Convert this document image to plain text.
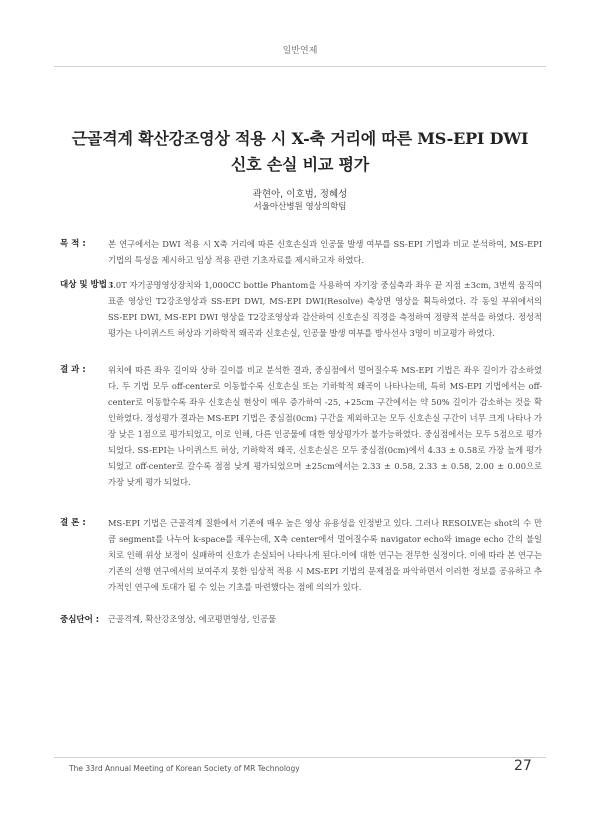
일반연제
근골격계 확산강조영상 적용 시 X-축 거리에 따른 MS-EPI DWI
신호 손실 비교 평가
곽현아, 이호범, 정혜성
서울아산병원 영상의학팀
목 적 :	본 연구에서는 DWI 적용 시 X축 거리에 따른 신호손실과 인공물 발생 여부를 SS-EPI 기법과 비교 분석하여, MS-EPI 기법의 특성을 제시하고 임상 적용 관련 기초자료를 제시하고자 하였다.
대상 및 방법 :
3.0T 자기공명영상장치와 1,000CC bottle Phantom을 사용하여 자기장 중심축과 좌우 끝 지점 ±3cm, 3번씩 움직여 표준 영상인 T2강조영상과 SS-EPI DWI, MS-EPI DWI(Resolve) 축상면 영상을 획득하였다. 각 동일 부위에서의 SS-EPI DWI, MS-EPI DWI 영상을 T2강조영상과 감산하여 신호손실 직경을 측정하여 정량적 분석을 하였다. 정성적 평가는 나이퀴스트 허상과 기하학적 왜곡과 신호손실, 인공물 발생 여부를 방사선사 3명이 비교평가 하였다.
결 과 :	위치에 따른 좌우 길이와 상하 길이를 비교 분석한 결과, 중심점에서 멀어질수록 MS-EPI 기법은 좌우 길이가 감소하였다. 두 기법 모두 off-center로 이동할수록 신호손실 또는 기하학적 왜곡이 나타나는데, 특히 MS-EPI 기법에서는 off-center로 이동할수록 좌우 신호손실 현상이 매우 증가하여 -25, +25cm 구간에서는 약 50% 길이가 감소하는 것을 확인하였다. 정성평가 결과는 MS-EPI 기법은 중심점(0cm) 구간을 제외하고는 모두 신호손실 구간이 너무 크게 나타나 가장 낮은 1점으로 평가되었고, 이로 인해, 다른 인공물에 대한 영상평가가 불가능하였다. 중심점에서는 모두 5점으로 평가되었다. SS-EPI는 나이퀴스트 허상, 기하학적 왜곡, 신호손실은 모두 중심점(0cm)에서 4.33 ± 0.58로 가장 높게 평가되었고 off-center로 갈수록 점점 낮게 평가되었으며 ±25cm에서는 2.33 ± 0.58, 2.33 ± 0.58, 2.00 ± 0.00으로 가장 낮게 평가 되었다.
결 론 :	MS-EPI 기법은 근골격계 질환에서 기존에 매우 높은 영상 유용성을 인정받고 있다. 그러나 RESOLVE는 shot의 수 만큼 segment를 나누어 k-space를 채우는데, X축 center에서 멀어질수록 navigator echo와 image echo 간의 불일치로 인해 위상 보정이 실패하여 신호가 손실되어 나타나게 된다.이에 대한 연구는 전무한 실정이다. 이에 따라 본 연구는 기존의 선행 연구에서의 보여주지 못한 임상적 적용 시 MS-EPI 기법의 문제점을 파악하면서 이러한 정보를 공유하고 추가적인 연구에 토대가 될 수 있는 기초를 마련했다는 점에 의의가 있다.
중심단어 : 근골격계, 확산강조영상, 에코평면영상, 인공물
The 33rd Annual Meeting of Korean Society of MR Technology	27
